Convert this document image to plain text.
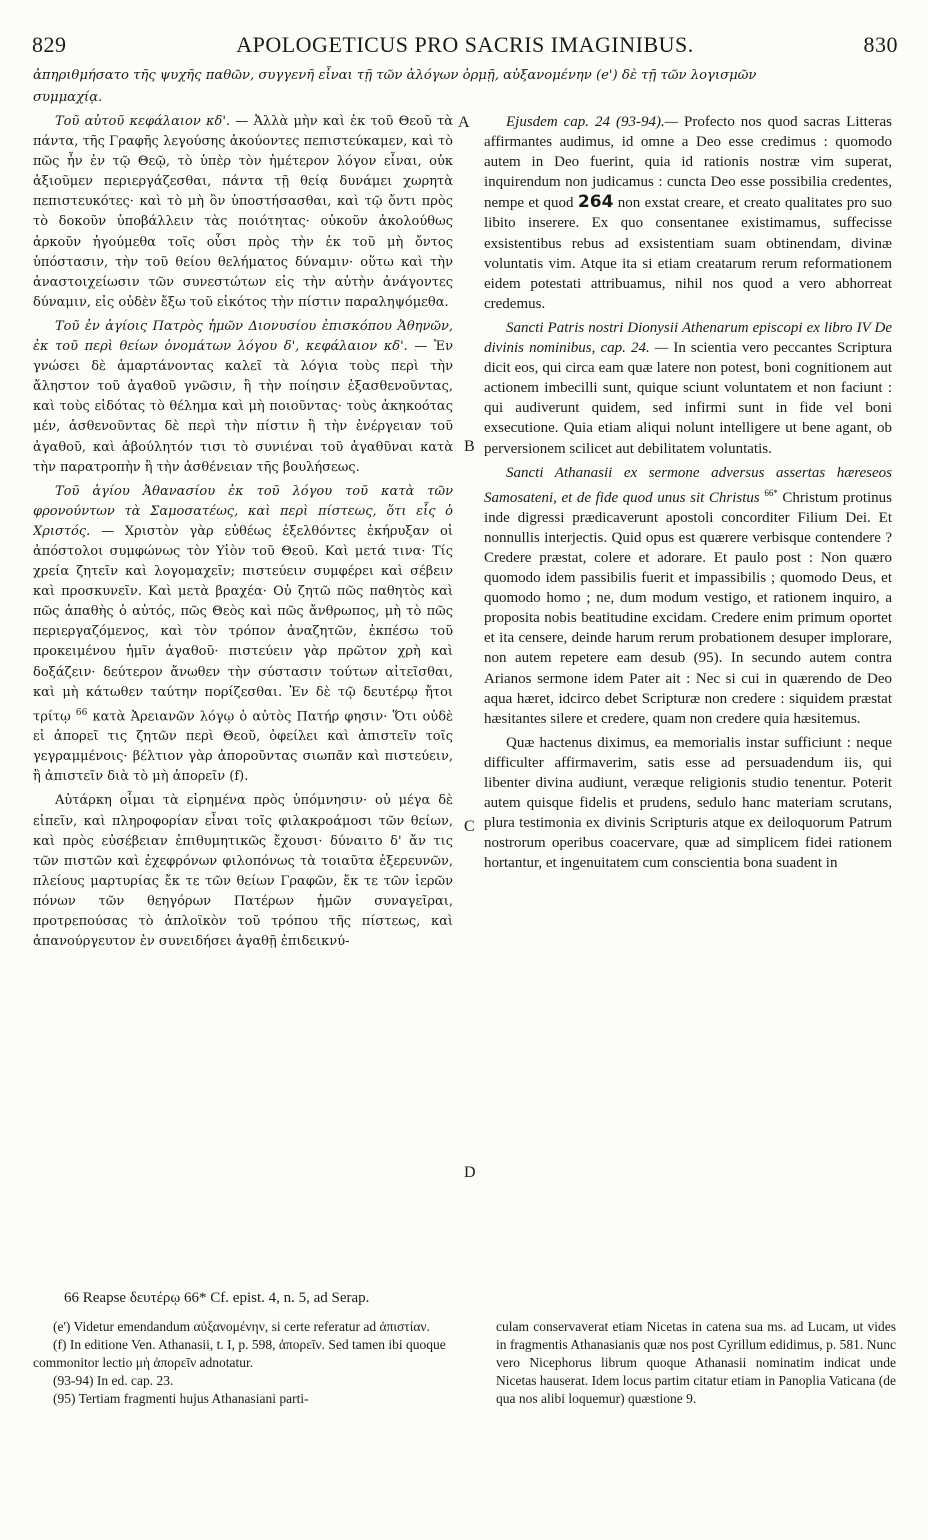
829	APOLOGETICUS PRO SACRIS IMAGINIBUS.	830
ἀπηριθμήσατο τῆς ψυχῆς παθῶν, συγγενῆ εἶναι τῇ τῶν ἀλόγων ὁρμῇ, αὐξανομένην (e') δὲ τῇ τῶν λογισμῶν
συμμαχίᾳ.
A
B
C
D

Τοῦ αὐτοῦ κεφάλαιον κδ'. — Ἀλλὰ μὴν καὶ ἐκ τοῦ Θεοῦ τὰ πάντα, τῆς Γραφῆς λεγούσης ἀκούοντες πεπιστεύκαμεν, καὶ τὸ πῶς ἦν ἐν τῷ Θεῷ, τὸ ὑπὲρ τὸν ἡμέτερον λόγον εἶναι, οὐκ ἀξιοῦμεν περιεργάζεσθαι, πάντα τῇ θείᾳ δυνάμει χωρητὰ πεπιστευκότες· καὶ τὸ μὴ ὂν ὑποστήσασθαι, καὶ τῷ ὄντι πρὸς τὸ δοκοῦν ὑποβάλλειν τὰς ποιότητας· οὐκοῦν ἀκολούθως ἀρκοῦν ἡγούμεθα τοῖς οὖσι πρὸς τὴν ἐκ τοῦ μὴ ὄντος ὑπόστασιν, τὴν τοῦ θείου θελήματος δύναμιν· οὕτω καὶ τὴν ἀναστοιχείωσιν τῶν συνεστώτων εἰς τὴν αὐτὴν ἀνάγοντες δύναμιν, εἰς οὐδὲν ἔξω τοῦ εἰκότος τὴν πίστιν παραληψόμεθα.

Τοῦ ἐν ἁγίοις Πατρὸς ἡμῶν Διονυσίου ἐπισκόπου Ἀθηνῶν, ἐκ τοῦ περὶ θείων ὀνομάτων λόγου δ', κεφάλαιον κδ'. — Ἐν γνώσει δὲ ἁμαρτάνοντας καλεῖ τὰ λόγια τοὺς περὶ τὴν ἄληστον τοῦ ἀγαθοῦ γνῶσιν, ἢ τὴν ποίησιν ἐξασθενοῦντας, καὶ τοὺς εἰδότας τὸ θέλημα καὶ μὴ ποιοῦντας· τοὺς ἀκηκοότας μέν, ἀσθενοῦντας δὲ περὶ τὴν πίστιν ἢ τὴν ἐνέργειαν τοῦ ἀγαθοῦ, καὶ ἀβούλητόν τισι τὸ συνιέναι τοῦ ἀγαθῦναι κατὰ τὴν παρατροπὴν ἢ τὴν ἀσθένειαν τῆς βουλήσεως.

Τοῦ ἁγίου Ἀθανασίου ἐκ τοῦ λόγου τοῦ κατὰ τῶν φρονούντων τὰ Σαμοσατέως, καὶ περὶ πίστεως, ὅτι εἷς ὁ Χριστός. — Χριστὸν γὰρ εὐθέως ἐξελθόντες ἐκήρυξαν οἱ ἀπόστολοι συμφώνως τὸν Υἱὸν τοῦ Θεοῦ. Καὶ μετά τινα· Τίς χρεία ζητεῖν καὶ λογομαχεῖν; πιστεύειν συμφέρει καὶ σέβειν καὶ προσκυνεῖν. Καὶ μετὰ βραχέα· Οὐ ζητῶ πῶς παθητὸς καὶ πῶς ἀπαθὴς ὁ αὐτός, πῶς Θεὸς καὶ πῶς ἄνθρωπος, μὴ τὸ πῶς περιεργαζόμενος, καὶ τὸν τρόπον ἀναζητῶν, ἐκπέσω τοῦ προκειμένου ἡμῖν ἀγαθοῦ· πιστεύειν γὰρ πρῶτον χρὴ καὶ δοξάζειν· δεύτερον ἄνωθεν τὴν σύστασιν τούτων αἰτεῖσθαι, καὶ μὴ κάτωθεν ταύτην πορίζεσθαι. Ἐν δὲ τῷ δευτέρῳ ἤτοι τρίτῳ $^{66}$ κατὰ Ἀρειανῶν λόγῳ ὁ αὐτὸς Πατήρ φησιν· Ὅτι οὐδὲ εἰ ἀπορεῖ τις ζητῶν περὶ Θεοῦ, ὀφείλει καὶ ἀπιστεῖν τοῖς γεγραμμένοις· βέλτιον γὰρ ἀποροῦντας σιωπᾶν καὶ πιστεύειν, ἢ ἀπιστεῖν διὰ τὸ μὴ ἀπορεῖν (f).

Αὐτάρκη οἶμαι τὰ εἰρημένα πρὸς ὑπόμνησιν· οὐ μέγα δὲ εἰπεῖν, καὶ πληροφορίαν εἶναι τοῖς φιλακροάμοσι τῶν θείων, καὶ πρὸς εὐσέβειαν ἐπιθυμητικῶς ἔχουσι· δύναιτο δ' ἄν τις τῶν πιστῶν καὶ ἐχεφρόνων φιλοπόνως τὰ τοιαῦτα ἐξερευνῶν, πλείους μαρτυρίας ἔκ τε τῶν θείων Γραφῶν, ἔκ τε τῶν ἱερῶν πόνων τῶν θεηγόρων Πατέρων ἡμῶν συναγεῖραι, προτρεπούσας τὸ ἁπλοϊκὸν τοῦ τρόπου τῆς πίστεως, καὶ ἀπανούργευτον ἐν συνειδήσει ἀγαθῇ ἐπιδεικνύ-

Ejusdem cap. 24 (93-94).— Profecto nos quod sacras Litteras affirmantes audimus, id omne a Deo esse credimus : quomodo autem in Deo fuerint, quia id rationis nostræ vim superat, inquirendum non judicamus : cuncta Deo esse possibilia credentes, nempe et quod 264 non exstat creare, et creato qualitates pro suo libito inserere. Ex quo consentanee existimamus, suffecisse exsistentibus rebus ad exsistentiam suam obtinendam, divinæ voluntatis vim. Atque ita si etiam creatarum rerum reformationem eidem potestati attribuamus, nihil nos quod a vero abhorreat credemus.

Sancti Patris nostri Dionysii Athenarum episcopi ex libro IV De divinis nominibus, cap. 24. — In scientia vero peccantes Scriptura dicit eos, qui circa eam quæ latere non potest, boni cognitionem aut actionem imbecilli sunt, quique sciunt voluntatem et non faciunt : qui audiverunt quidem, sed infirmi sunt in fide vel boni exsecutione. Quia etiam aliqui nolunt intelligere ut bene agant, ob perversionem scilicet aut debilitatem voluntatis.

Sancti Athanasii ex sermone adversus assertas hæreseos Samosateni, et de fide quod unus sit Christus $^{66*}$ Christum protinus inde digressi prædicaverunt apostoli concorditer Filium Dei. Et nonnullis interjectis. Quid opus est quærere verbisque contendere ? Credere præstat, colere et adorare. Et paulo post : Non quæro quomodo idem passibilis fuerit et impassibilis ; quomodo Deus, et quomodo homo ; ne, dum modum vestigo, et rationem inquiro, a proposita nobis beatitudine excidam. Credere enim primum oportet et ita censere, deinde harum rerum probationem desuper implorare, non autem repetere eam desub (95). In secundo autem contra Arianos sermone idem Pater ait : Nec si cui in quærendo de Deo aqua hæret, idcirco debet Scripturæ non credere : siquidem præstat hæsitantes silere et credere, quam non credere quia hæsitemus.

Quæ hactenus diximus, ea memorialis instar sufficiunt : neque difficulter affirmaverim, satis esse ad persuadendum iis, qui libenter divina audiunt, veræque religionis studio tenentur. Poterit autem quisque fidelis et prudens, sedulo hanc materiam scrutans, plura testimonia ex divinis Scripturis atque ex deiloquorum Patrum nostrorum operibus coacervare, quæ ad simplicem fidei rationem hortantur, et ingenuitatem cum conscientia bona suadent in

66 Reapse δευτέρῳ 66* Cf. epist. 4, n. 5, ad Serap.

(e') Videtur emendandum αὐξανομένην, si certe referatur ad ἀπιστίαν.

(f) In editione Ven. Athanasii, t. I, p. 598, ἀπορεῖν. Sed tamen ibi quoque commonitor lectio μὴ ἀπορεῖν adnotatur.

(93-94) In ed. cap. 23.

(95) Tertiam fragmenti hujus Athanasiani parti-

culam conservaverat etiam Nicetas in catena sua ms. ad Lucam, ut vides in fragmentis Athanasianis quæ nos post Cyrillum edidimus, p. 581. Nunc vero Nicephorus librum quoque Athanasii nominatim indicat unde Nicetas hauserat. Idem locus partim citatur etiam in Panoplia Vaticana (de qua nos alibi loquemur) quæstione 9.
